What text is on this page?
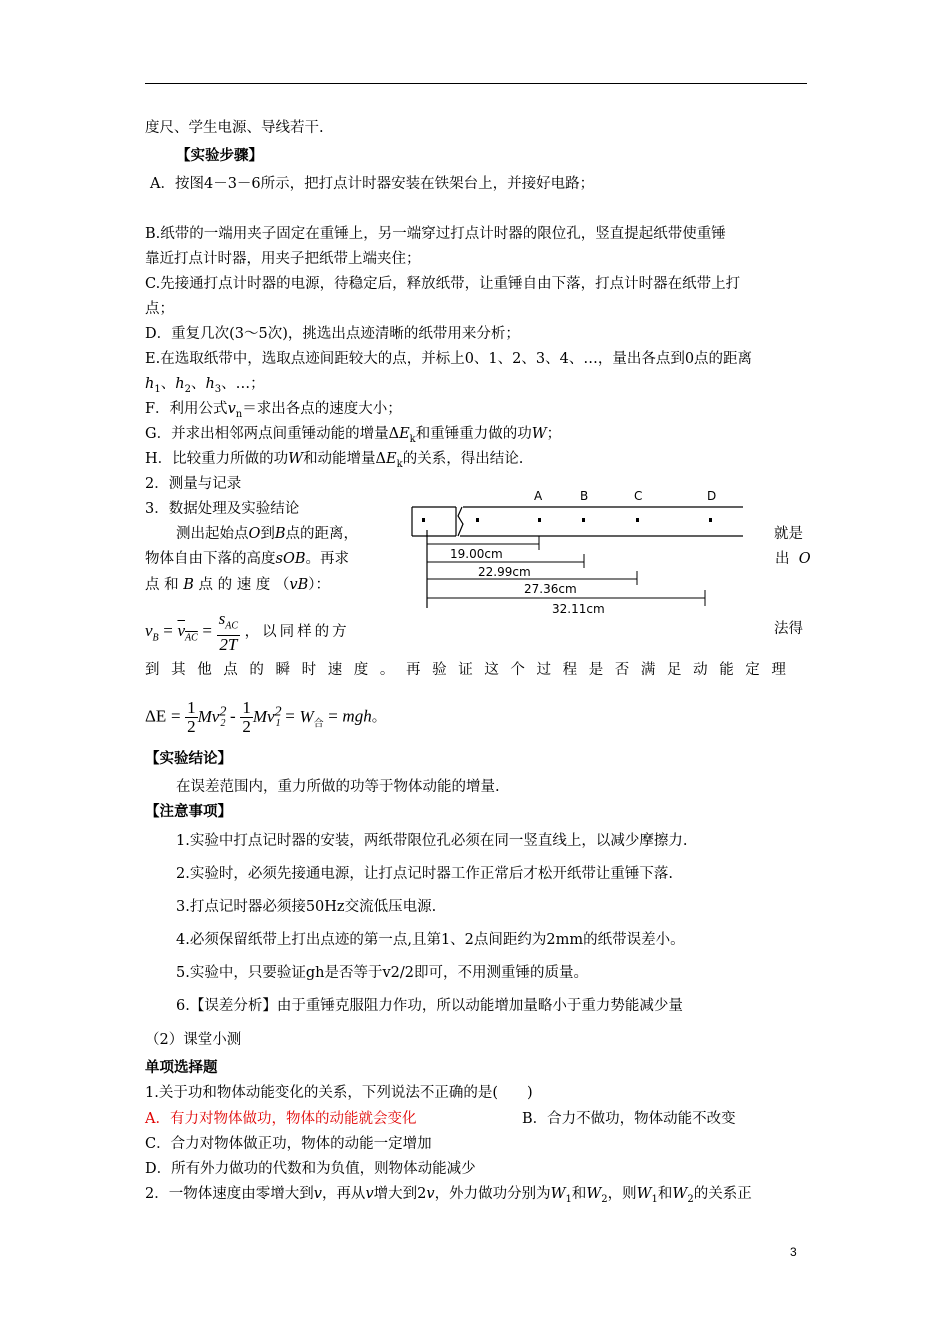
度尺、学生电源、导线若干.
【实验步骤】
A．按图4－3－6所示，把打点计时器安装在铁架台上，并接好电路；
B.纸带的一端用夹子固定在重锤上，另一端穿过打点计时器的限位孔，竖直提起纸带使重锤
靠近打点计时器，用夹子把纸带上端夹住；
C.先接通打点计时器的电源，待稳定后，释放纸带，让重锤自由下落，打点计时器在纸带上打
点；
D．重复几次(3～5次)，挑选出点迹清晰的纸带用来分析；
E.在选取纸带中，选取点迹间距较大的点，并标上0、1、2、3、4、…，量出各点到0点的距离
$h_1$、$h_2$、$h_3$、…；
F．利用公式$v_n=$求出各点的速度大小；
G．并求出相邻两点间重锤动能的增量$\Delta E_k$和重锤重力做的功W；
H．比较重力所做的功W和动能增量$\Delta E_k$的关系，得出结论.
2．测量与记录
3．数据处理及实验结论
测出起始点O到B点的距离，	就是
物体自由下落的高度sOB。再求	出 O
点 和 B 点 的 速 度 （vB）：
$v_B = v_{AC} = \frac{s_{AC}}{2T}$ ，以同样的方	法得
到其他点的瞬时速度。再验证这个过程是否满足动能定理
$\Delta E = \frac{1}{2} Mv^2_2 - \frac{1}{2} Mv^2_1 = W_合$ = mgh。
A	B	C	D
19.00cm
22.99cm
27.36cm
32.11cm
【实验结论】
在误差范围内，重力所做的功等于物体动能的增量.
【注意事项】
1.实验中打点记时器的安装，两纸带限位孔必须在同一竖直线上，以减少摩擦力.
2.实验时，必须先接通电源，让打点记时器工作正常后才松开纸带让重锤下落.
3.打点记时器必须接50Hz交流低压电源.
4.必须保留纸带上打出点迹的第一点,且第1、2点间距约为2mm的纸带误差小。
5.实验中，只要验证gh是否等于v2/2即可，不用测重锤的质量。
6.【误差分析】由于重锤克服阻力作功，所以动能增加量略小于重力势能减少量
（2）课堂小测
单项选择题
1.关于功和物体动能变化的关系，下列说法不正确的是(　　)
A．有力对物体做功，物体的动能就会变化	B．合力不做功，物体动能不改变
C．合力对物体做正功，物体的动能一定增加
D．所有外力做功的代数和为负值，则物体动能减少
2．一物体速度由零增大到v，再从v增大到2v，外力做功分别为$W_1$和$W_2$，则$W_1$和$W_2$的关系正
3
